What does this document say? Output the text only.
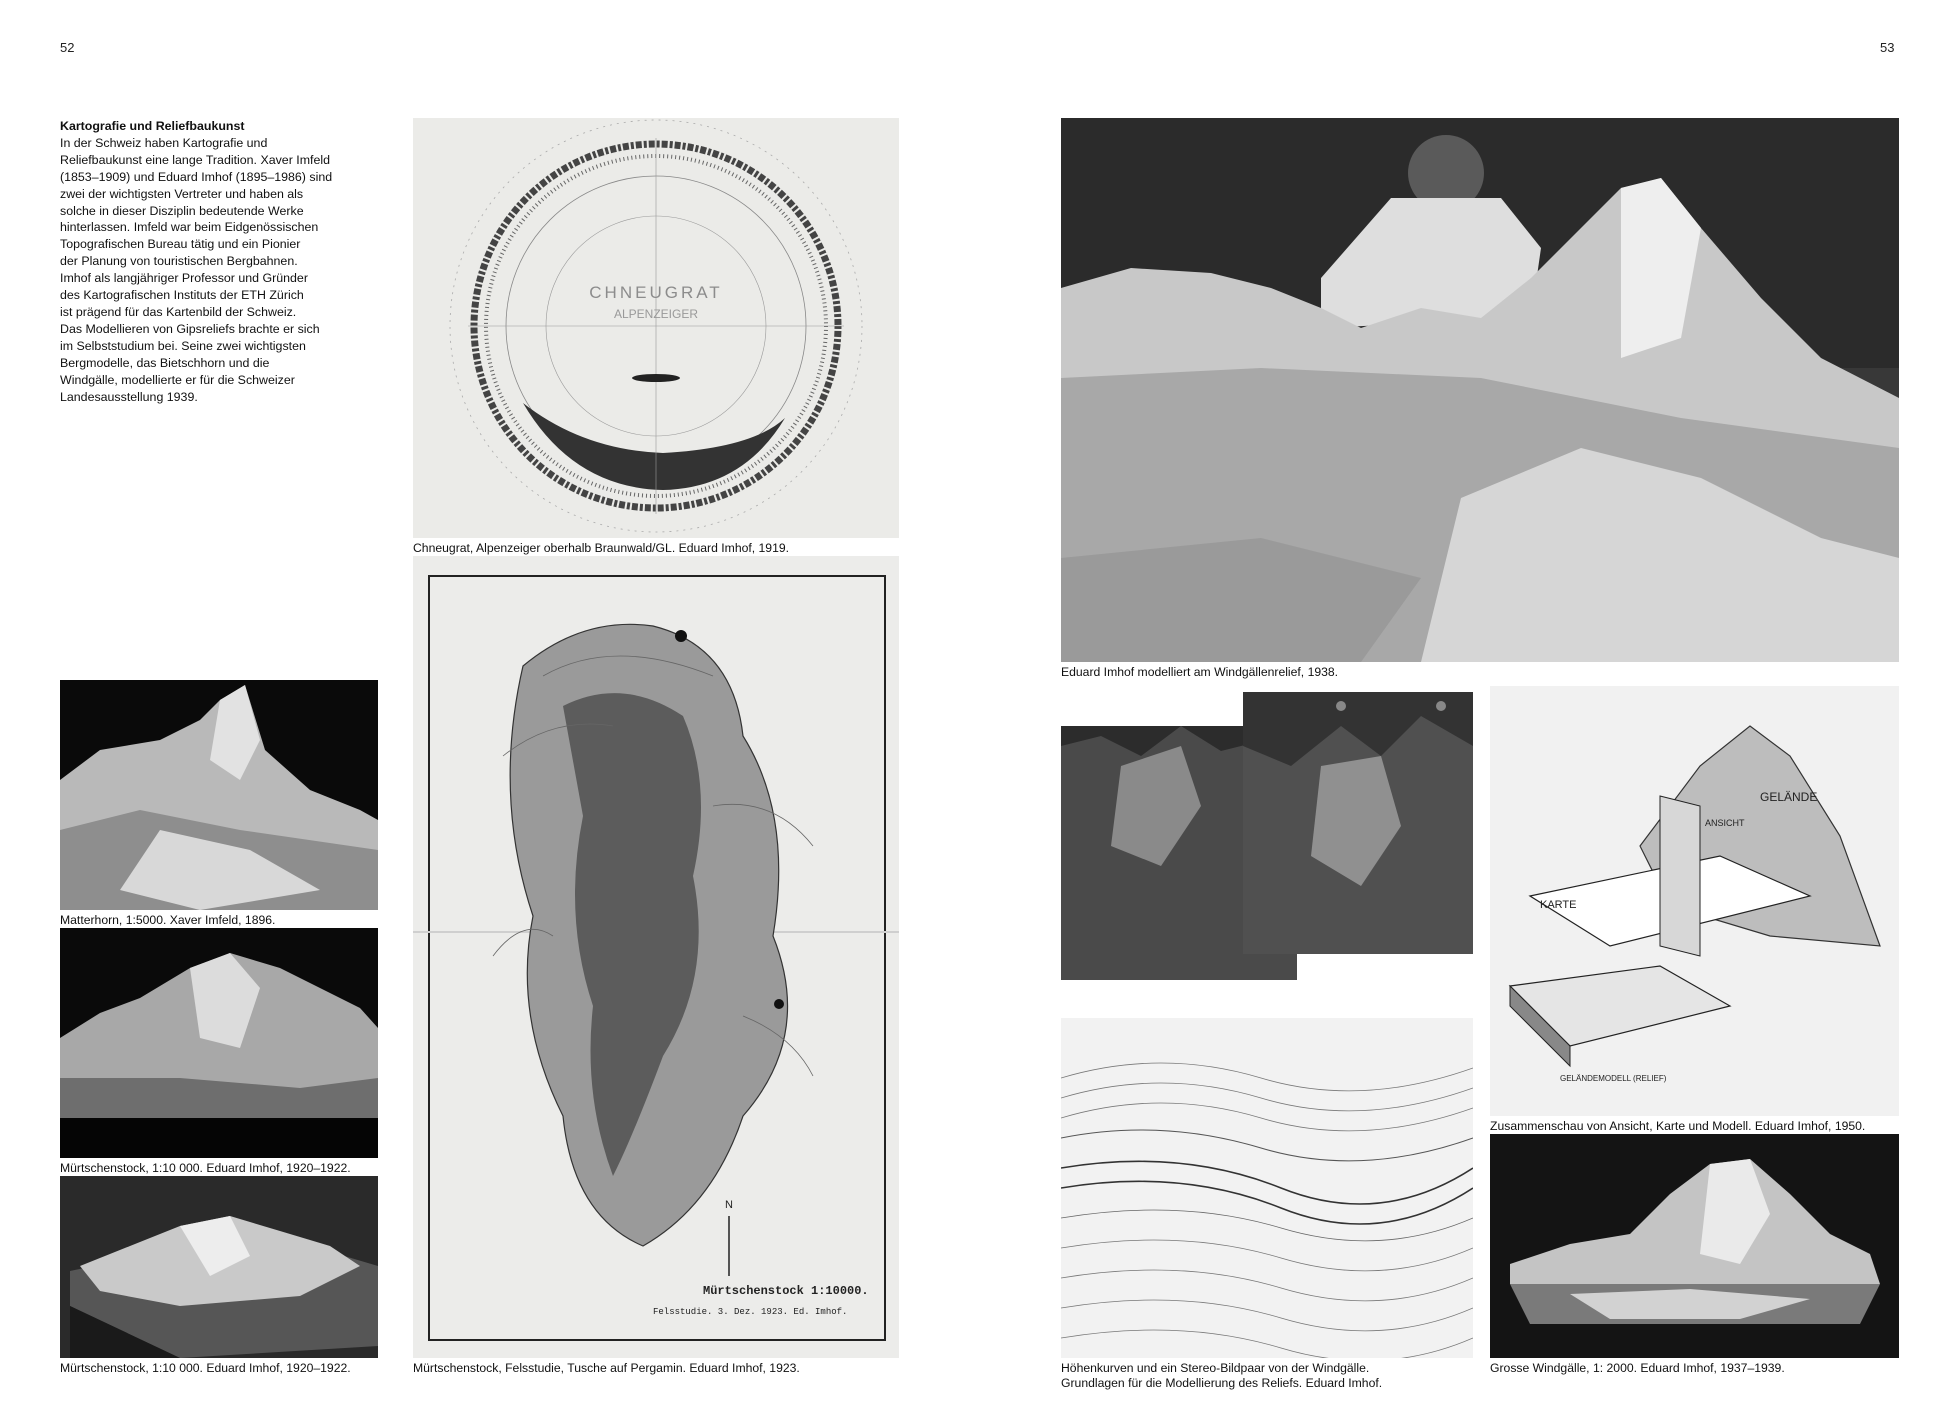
52	53
Kartografie und Reliefbaukunst

In der Schweiz haben Kartografie und
Reliefbaukunst eine lange Tradition. Xaver Imfeld
(1853–1909) und Eduard Imhof (1895–1986) sind
zwei der wichtigsten Vertreter und haben als
solche in dieser Disziplin bedeutende Werke
hinterlassen. Imfeld war beim Eidgenössischen
Topografischen Bureau tätig und ein Pionier
der Planung von touristischen Bergbahnen.
Imhof als langjähriger Professor und Gründer
des Kartografischen Instituts der ETH Zürich
ist prägend für das Kartenbild der Schweiz.
Das Modellieren von Gipsreliefs brachte er sich
im Selbststudium bei. Seine zwei wichtigsten
Bergmodelle, das Bietschhorn und die
Windgälle, modellierte er für die Schweizer
Landesausstellung 1939.

CHNEUGRAT
ALPENZEIGER
Chneugrat, Alpenzeiger oberhalb Braunwald/GL. Eduard Imhof, 1919.
Matterhorn, 1:5000. Xaver Imfeld, 1896.
Mürtschenstock, 1:10 000. Eduard Imhof, 1920–1922.
Mürtschenstock, 1:10 000. Eduard Imhof, 1920–1922.
N
Mürtschenstock 1:10000.
Felsstudie. 3. Dez. 1923. Ed. Imhof.
Mürtschenstock, Felsstudie, Tusche auf Pergamin. Eduard Imhof, 1923.
Eduard Imhof modelliert am Windgällenrelief, 1938.
Höhenkurven und ein Stereo-Bildpaar von der Windgälle.
Grundlagen für die Modellierung des Reliefs. Eduard Imhof.
GELÄNDE
ANSICHT
KARTE
GELÄNDEMODELL (RELIEF)
Zusammenschau von Ansicht, Karte und Modell. Eduard Imhof, 1950.
Grosse Windgälle, 1: 2000. Eduard Imhof, 1937–1939.
